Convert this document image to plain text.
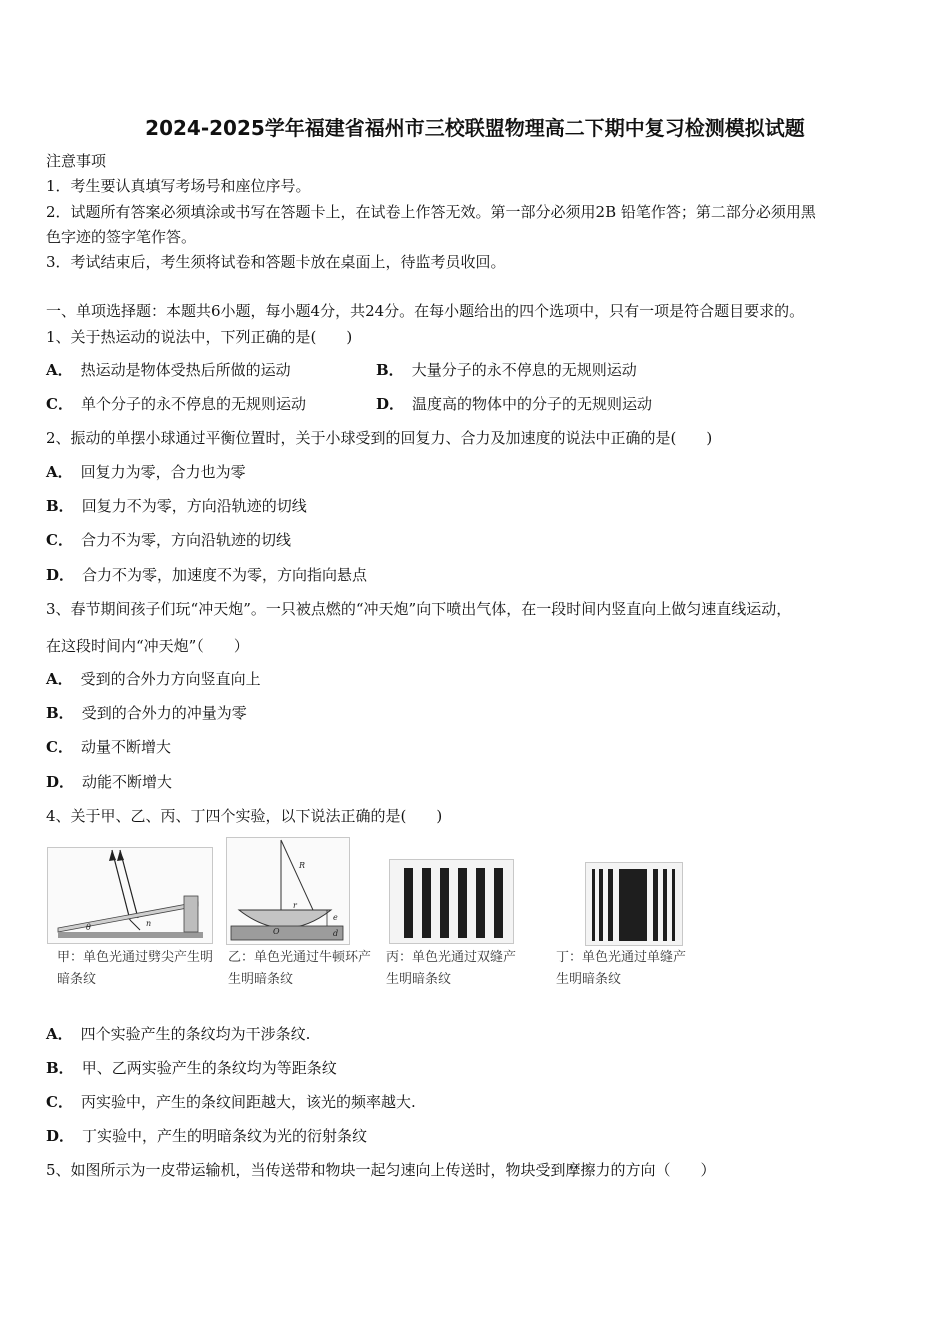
2024-2025学年福建省福州市三校联盟物理高二下期中复习检测模拟试题
注意事项
1．考生要认真填写考场号和座位序号。
2．试题所有答案必须填涂或书写在答题卡上，在试卷上作答无效。第一部分必须用2B 铅笔作答；第二部分必须用黑
色字迹的签字笔作答。
3．考试结束后，考生须将试卷和答题卡放在桌面上，待监考员收回。
一、单项选择题：本题共6小题，每小题4分，共24分。在每小题给出的四个选项中，只有一项是符合题目要求的。
1、关于热运动的说法中，下列正确的是(　　)
A． 热运动是物体受热后所做的运动	B． 大量分子的永不停息的无规则运动
C． 单个分子的永不停息的无规则运动	D． 温度高的物体中的分子的无规则运动
2、振动的单摆小球通过平衡位置时，关于小球受到的回复力、合力及加速度的说法中正确的是(　　)
A． 回复力为零，合力也为零
B． 回复力不为零，方向沿轨迹的切线
C． 合力不为零，方向沿轨迹的切线
D． 合力不为零，加速度不为零，方向指向悬点
3、春节期间孩子们玩“冲天炮”。一只被点燃的“冲天炮”向下喷出气体，在一段时间内竖直向上做匀速直线运动，
在这段时间内“冲天炮”（　　）
A． 受到的合外力方向竖直向上
B． 受到的合外力的冲量为零
C． 动量不断增大
D． 动能不断增大
4、关于甲、乙、丙、丁四个实验，以下说法正确的是(　　)
θ	n
甲：单色光通过劈尖产生明暗条纹
R
r
O
e
d
乙：单色光通过牛顿环产生明暗条纹
丙：单色光通过双缝产生明暗条纹
丁：单色光通过单缝产生明暗条纹
A． 四个实验产生的条纹均为干涉条纹.
B． 甲、乙两实验产生的条纹均为等距条纹
C． 丙实验中，产生的条纹间距越大，该光的频率越大.
D． 丁实验中，产生的明暗条纹为光的衍射条纹
5、如图所示为一皮带运输机，当传送带和物块一起匀速向上传送时，物块受到摩擦力的方向（　　）
